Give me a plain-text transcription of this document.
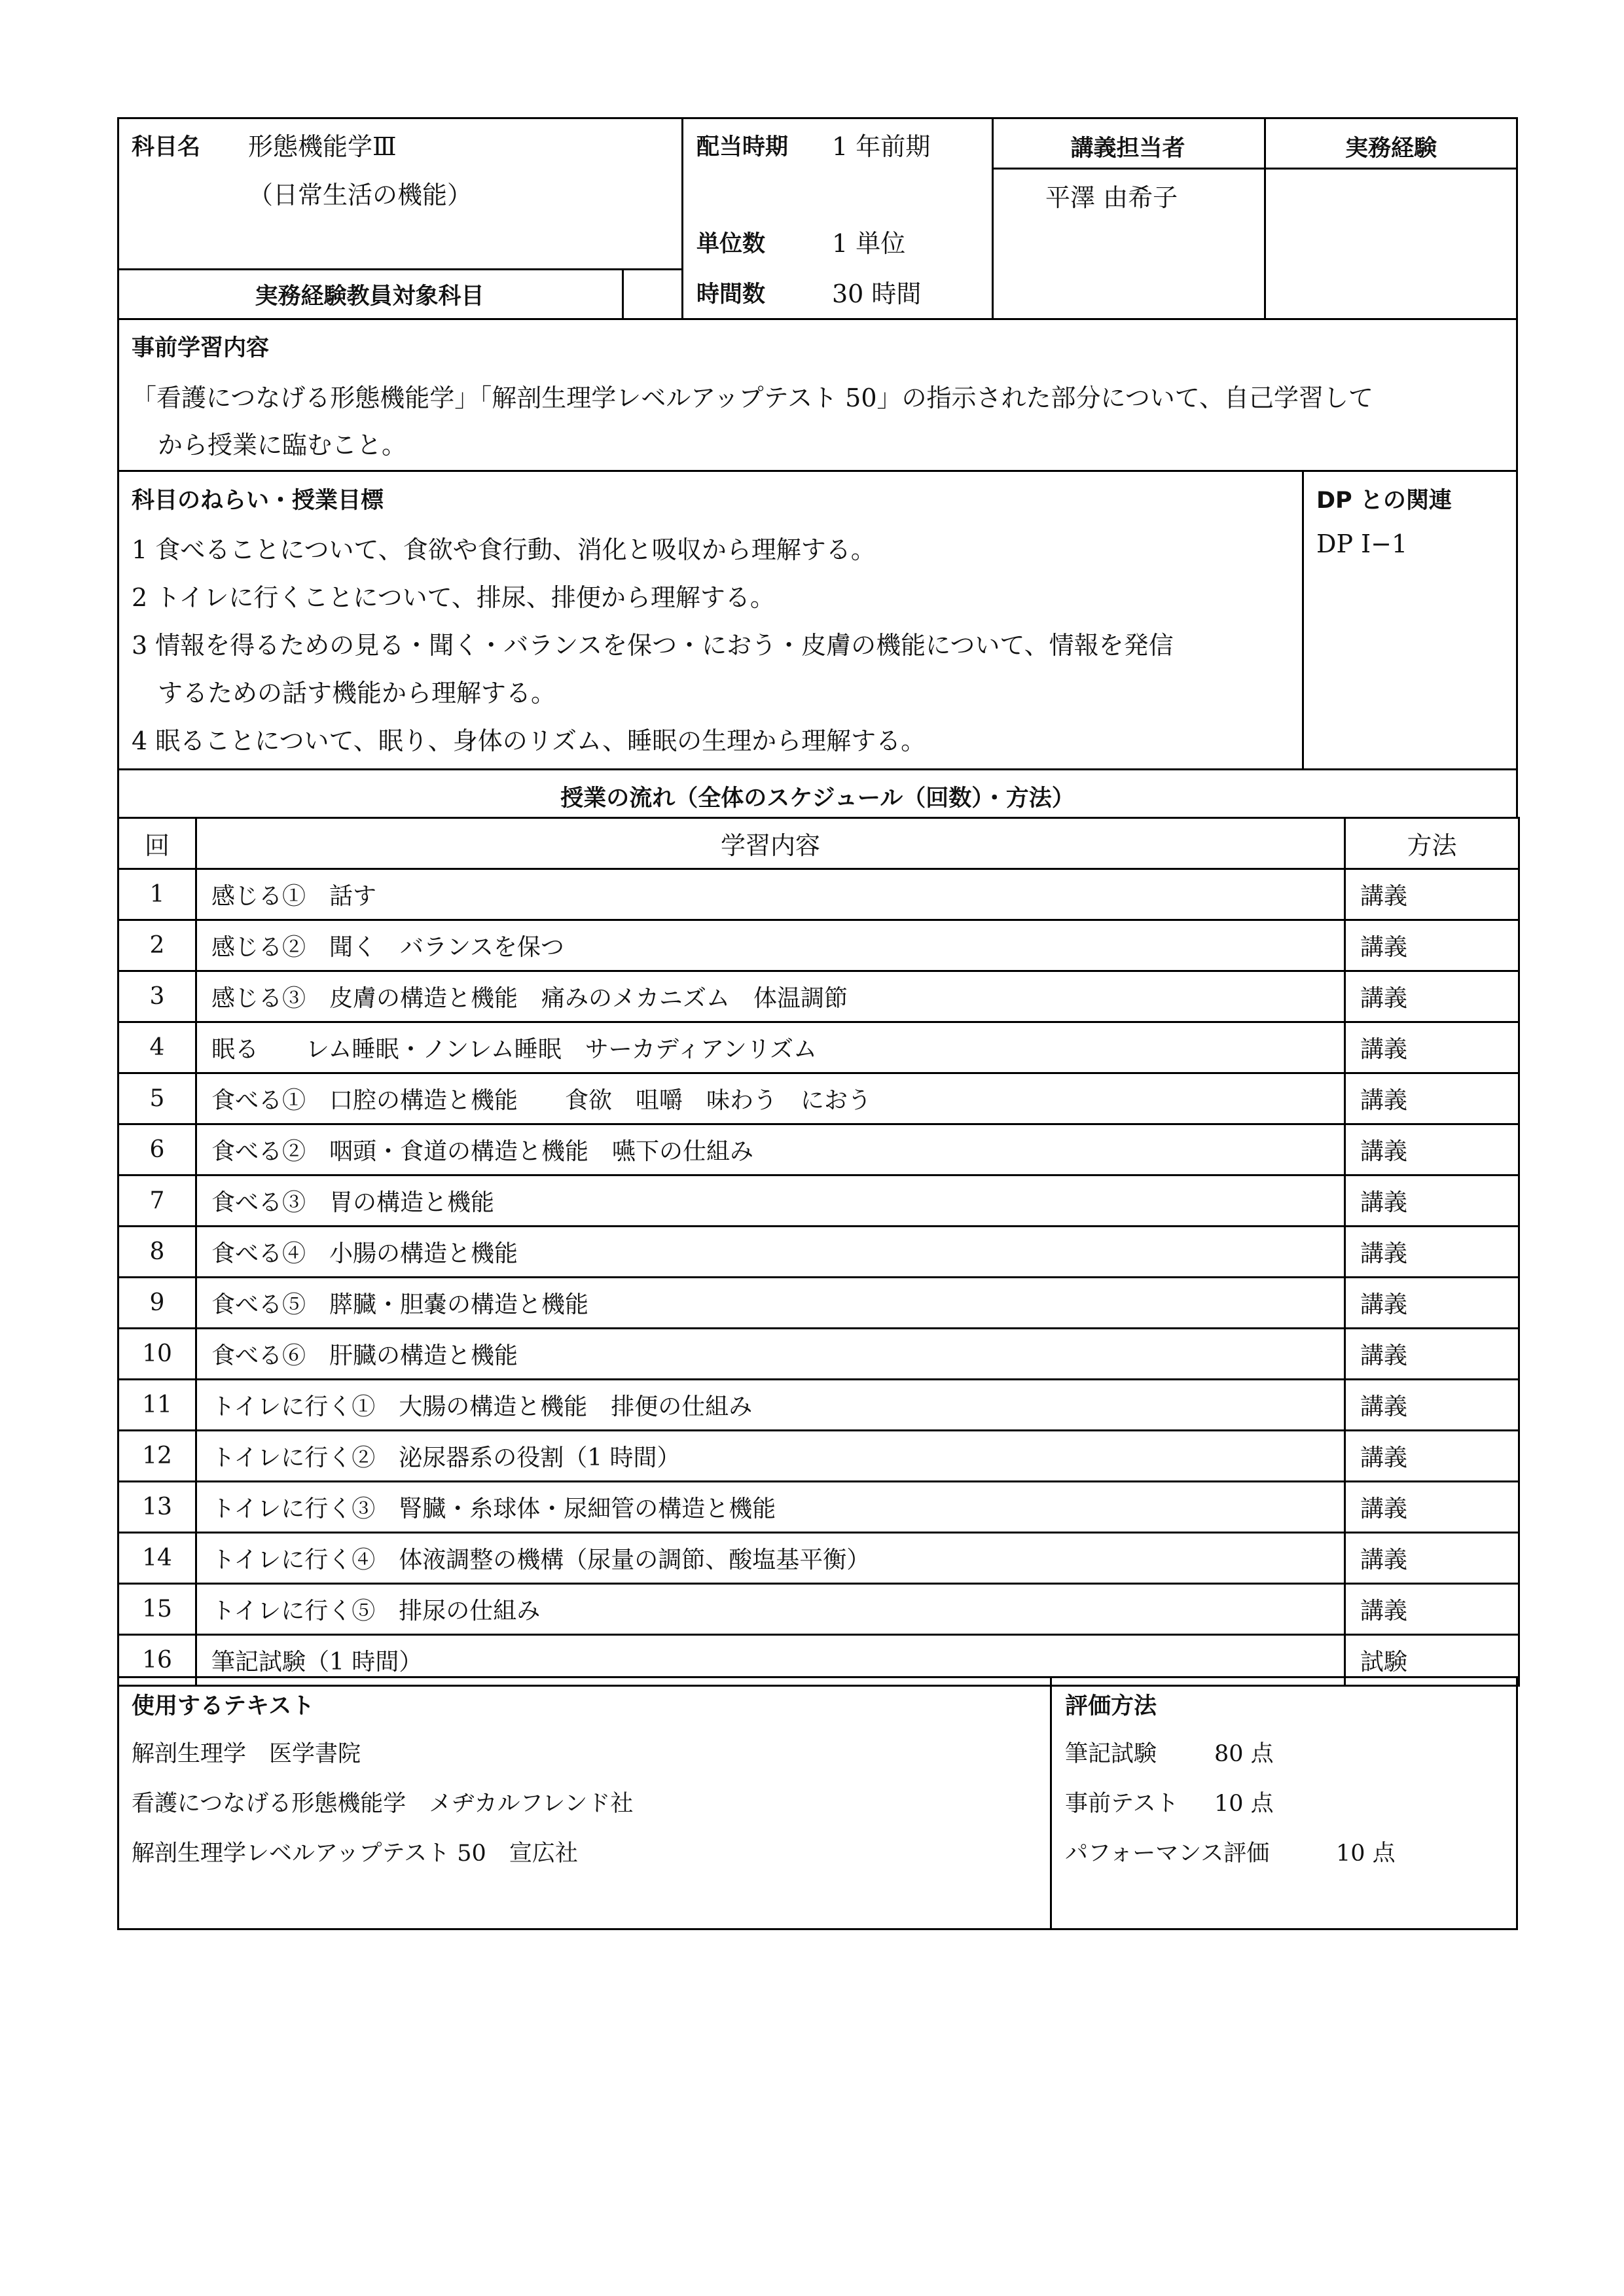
科目名 形態機能学Ⅲ
（日常生活の機能）
配当時期 1 年前期
単位数	1 単位
時間数	30 時間
講義担当者
平澤 由希子
実務経験
実務経験教員対象科目
事前学習内容
「看護につなげる形態機能学」「解剖生理学レベルアップテスト 50」の指示された部分について、自己学習して
から授業に臨むこと。
科目のねらい・授業目標	DP との関連
DP Ⅰ−1
1 食べることについて、食欲や食行動、消化と吸収から理解する。
2 トイレに行くことについて、排尿、排便から理解する。
3 情報を得るための見る・聞く・バランスを保つ・におう・皮膚の機能について、情報を発信
するための話す機能から理解する。
4 眠ることについて、眠り、身体のリズム、睡眠の生理から理解する。
授業の流れ（全体のスケジュール（回数）・方法）
回	学習内容	方法
1	感じる①　話す	講義
2	感じる②　聞く　バランスを保つ	講義
3	感じる③　皮膚の構造と機能　痛みのメカニズム　体温調節	講義
4	眠る　　レム睡眠・ノンレム睡眠　サーカディアンリズム	講義
5	食べる①　口腔の構造と機能　　食欲　咀嚼　味わう　におう	講義
6	食べる②　咽頭・食道の構造と機能　嚥下の仕組み	講義
7	食べる③　胃の構造と機能	講義
8	食べる④　小腸の構造と機能	講義
9	食べる⑤　膵臓・胆嚢の構造と機能	講義
10	食べる⑥　肝臓の構造と機能	講義
11	トイレに行く①　大腸の構造と機能　排便の仕組み	講義
12	トイレに行く②　泌尿器系の役割（1 時間）	講義
13	トイレに行く③　腎臓・糸球体・尿細管の構造と機能	講義
14	トイレに行く④　体液調整の機構（尿量の調節、酸塩基平衡）	講義
15	トイレに行く⑤　排尿の仕組み	講義
16	筆記試験（1 時間）	試験
使用するテキスト
解剖生理学　医学書院
看護につなげる形態機能学　メヂカルフレンド社
解剖生理学レベルアップテスト 50　宣広社
評価方法
筆記試験	80 点
事前テスト 10 点
パフォーマンス評価	10 点
